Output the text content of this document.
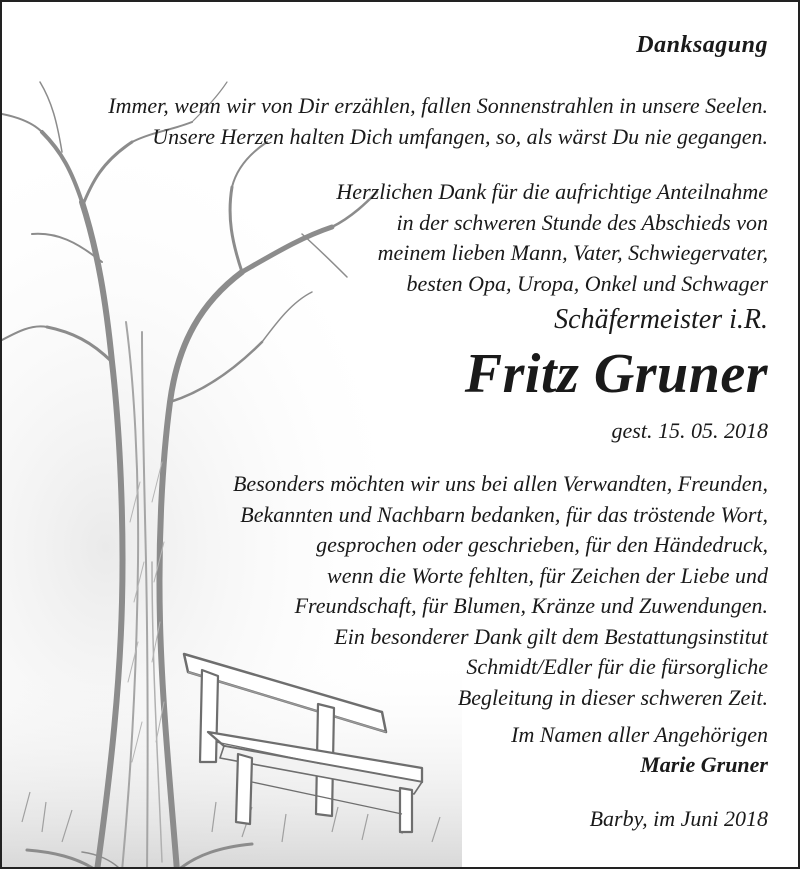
Danksagung
Immer, wenn wir von Dir erzählen, fallen Sonnenstrahlen in unsere Seelen.
Unsere Herzen halten Dich umfangen, so, als wärst Du nie gegangen.
Herzlichen Dank für die aufrichtige Anteilnahme
in der schweren Stunde des Abschieds von
meinem lieben Mann, Vater, Schwiegervater,
besten Opa, Uropa, Onkel und Schwager
Schäfermeister i.R.
Fritz Gruner
gest. 15. 05. 2018
Besonders möchten wir uns bei allen Verwandten, Freunden,
Bekannten und Nachbarn bedanken, für das tröstende Wort,
gesprochen oder geschrieben, für den Händedruck,
wenn die Worte fehlten, für Zeichen der Liebe und
Freundschaft, für Blumen, Kränze und Zuwendungen.
Ein besonderer Dank gilt dem Bestattungsinstitut
Schmidt/Edler für die fürsorgliche
Begleitung in dieser schweren Zeit.
Im Namen aller Angehörigen
Marie Gruner
Barby, im Juni 2018
